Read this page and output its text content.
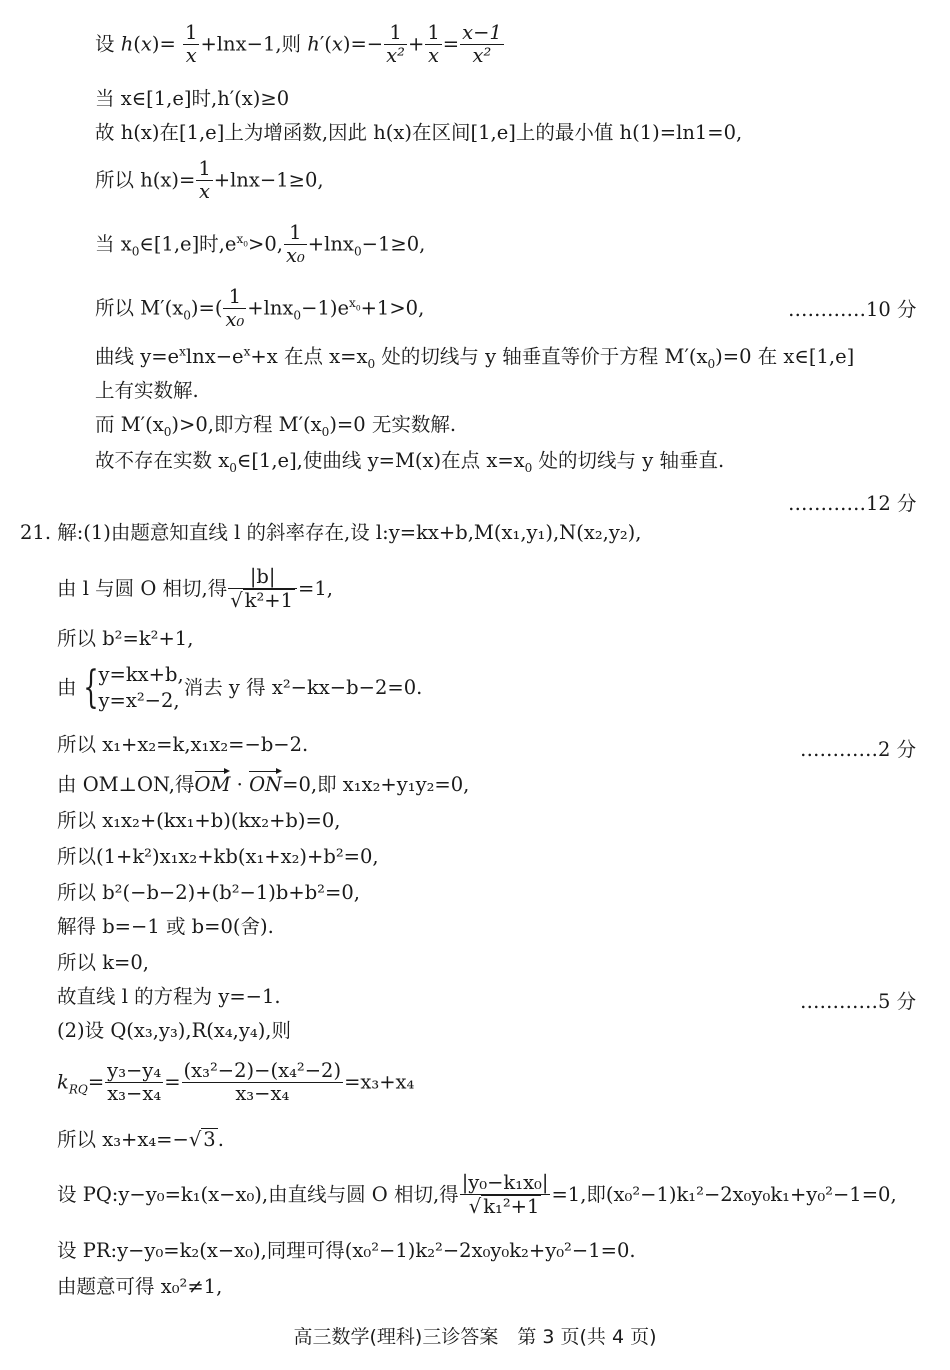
设 $h(x)= \frac{1}{x} +\ln x-1$,则 $h'(x)=- \frac{1}{\text{x²}} + \frac{1}{x} = \frac{x-1}{\text{x²}}$
当 x∈[1,e]时,h′(x)≥0
故 h(x)在[1,e]上为增函数,因此 h(x)在区间[1,e]上的最小值 h(1)=ln1=0,
所以 $h(x)= \frac{1}{x} +\ln x-1\ge 0$,
当 $x_0\in[1,e]$时$,e^{x_0}>0$, $\frac{1}{\text{x₀}} +\ln x_0-1\ge 0$,
所以 $M'(x_0)=( \frac{1}{\text{x₀}} +\ln x_0-1)e^{x_0}+1>0$,	…………10 分
曲线 $y=e^x\ln x-e^x+x$ 在点 $x=x_0$ 处的切线与 y 轴垂直等价于方程 $M'(x_0)=0$ 在 x∈[1,e]
上有实数解.
而 $M'(x_0)>0$,即方程 $M'(x_0)=0$ 无实数解.
故不存在实数 $x_0\in[1,e]$,使曲线 y=M(x)在点 $x=x_0$ 处的切线与 y 轴垂直.
…………12 分
21. 解:(1)由题意知直线 l 的斜率存在,设 l:y=kx+b,M(x₁,y₁),N(x₂,y₂),
由 l 与圆 O 相切,得 $\frac{|b|}{\text{√ k²+1}} =1$,
所以 b²=k²+1,
由 { y=kx+b,
y=x²−2,
消去 y 得 x²−kx−b−2=0.
所以 x₁+x₂=k,x₁x₂=−b−2.	…………2 分
由 OM⊥ON,得OM · ON=0,即 x₁x₂+y₁y₂=0,
所以 x₁x₂+(kx₁+b)(kx₂+b)=0,
所以(1+k²)x₁x₂+kb(x₁+x₂)+b²=0,
所以 b²(−b−2)+(b²−1)b+b²=0,
解得 b=−1 或 b=0(舍).
所以 k=0,
故直线 l 的方程为 y=−1.	…………5 分
(2)设 Q(x₃,y₃),R(x₄,y₄),则
$k_{RQ}= \frac{\text{y₃−y₄}}{\text{x₃−x₄}} = \frac{\text{(x₃²−2)−(x₄²−2)}}{\text{x₃−x₄}} =x_3+x_4$
所以 x₃+x₄=−√ 3 .
设 PQ:y−y₀=k₁(x−x₀),由直线与圆 O 相切,得 $\frac{\text{|y₀−k₁x₀|}}{\text{√ k₁²+1}} =1$,即(x₀²−1)k₁²−2x₀y₀k₁+y₀²−1=0,
设 PR:y−y₀=k₂(x−x₀),同理可得(x₀²−1)k₂²−2x₀y₀k₂+y₀²−1=0.
由题意可得 x₀²≠1,
高三数学(理科)三诊答案　第 3 页(共 4 页)
